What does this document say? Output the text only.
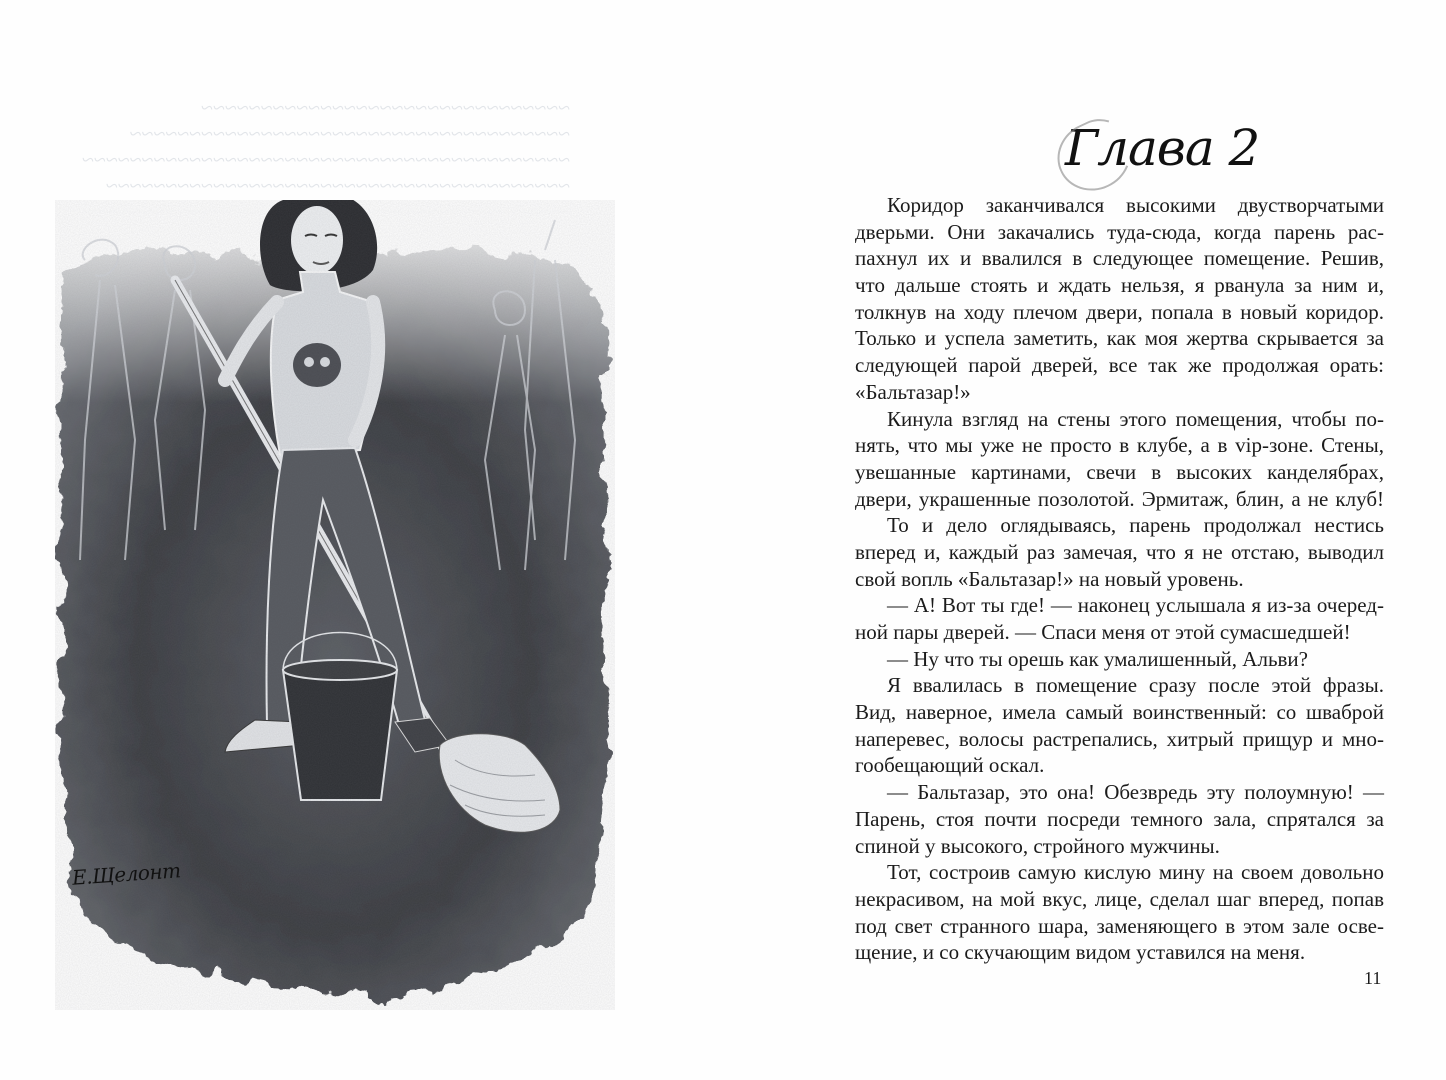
~~~~~~~~~~~~~~~~~~~~~~~~~~~~~~~
~~~~~~~~~~~~~~~~~~~~~~~~~~~~~~~~~~~~~
~~~~~~~~~~~~~~~~~~~~~~~~~~~~~~~~~~~~~~~~~
~~~~~~~~~~~~~~~~~~~~~~~~~~~~~~~~~~~~~~~
Е.Щелонт
Глава 2
Коридор заканчивался высокими двустворчатыми
дверьми. Они закачались туда-сюда, когда парень рас-
пахнул их и ввалился в следующее помещение. Решив,
что дальше стоять и ждать нельзя, я рванула за ним и,
толкнув на ходу плечом двери, попала в новый коридор.
Только и успела заметить, как моя жертва скрывается за
следующей парой дверей, все так же продолжая орать:
«Бальтазар!»
Кинула взгляд на стены этого помещения, чтобы по-
нять, что мы уже не просто в клубе, а в vip-зоне. Стены,
увешанные картинами, свечи в высоких канделябрах,
двери, украшенные позолотой. Эрмитаж, блин, а не клуб!
То и дело оглядываясь, парень продолжал нестись
вперед и, каждый раз замечая, что я не отстаю, выводил
свой вопль «Бальтазар!» на новый уровень.
— А! Вот ты где! — наконец услышала я из-за очеред-
ной пары дверей. — Спаси меня от этой сумасшедшей!
— Ну что ты орешь как умалишенный, Альви?
Я ввалилась в помещение сразу после этой фразы.
Вид, наверное, имела самый воинственный: со шваброй
наперевес, волосы растрепались, хитрый прищур и мно-
гообещающий оскал.
— Бальтазар, это она! Обезвредь эту полоумную! —
Парень, стоя почти посреди темного зала, спрятался за
спиной у высокого, стройного мужчины.
Тот, состроив самую кислую мину на своем довольно
некрасивом, на мой вкус, лице, сделал шаг вперед, попав
под свет странного шара, заменяющего в этом зале осве-
щение, и со скучающим видом уставился на меня.
11
